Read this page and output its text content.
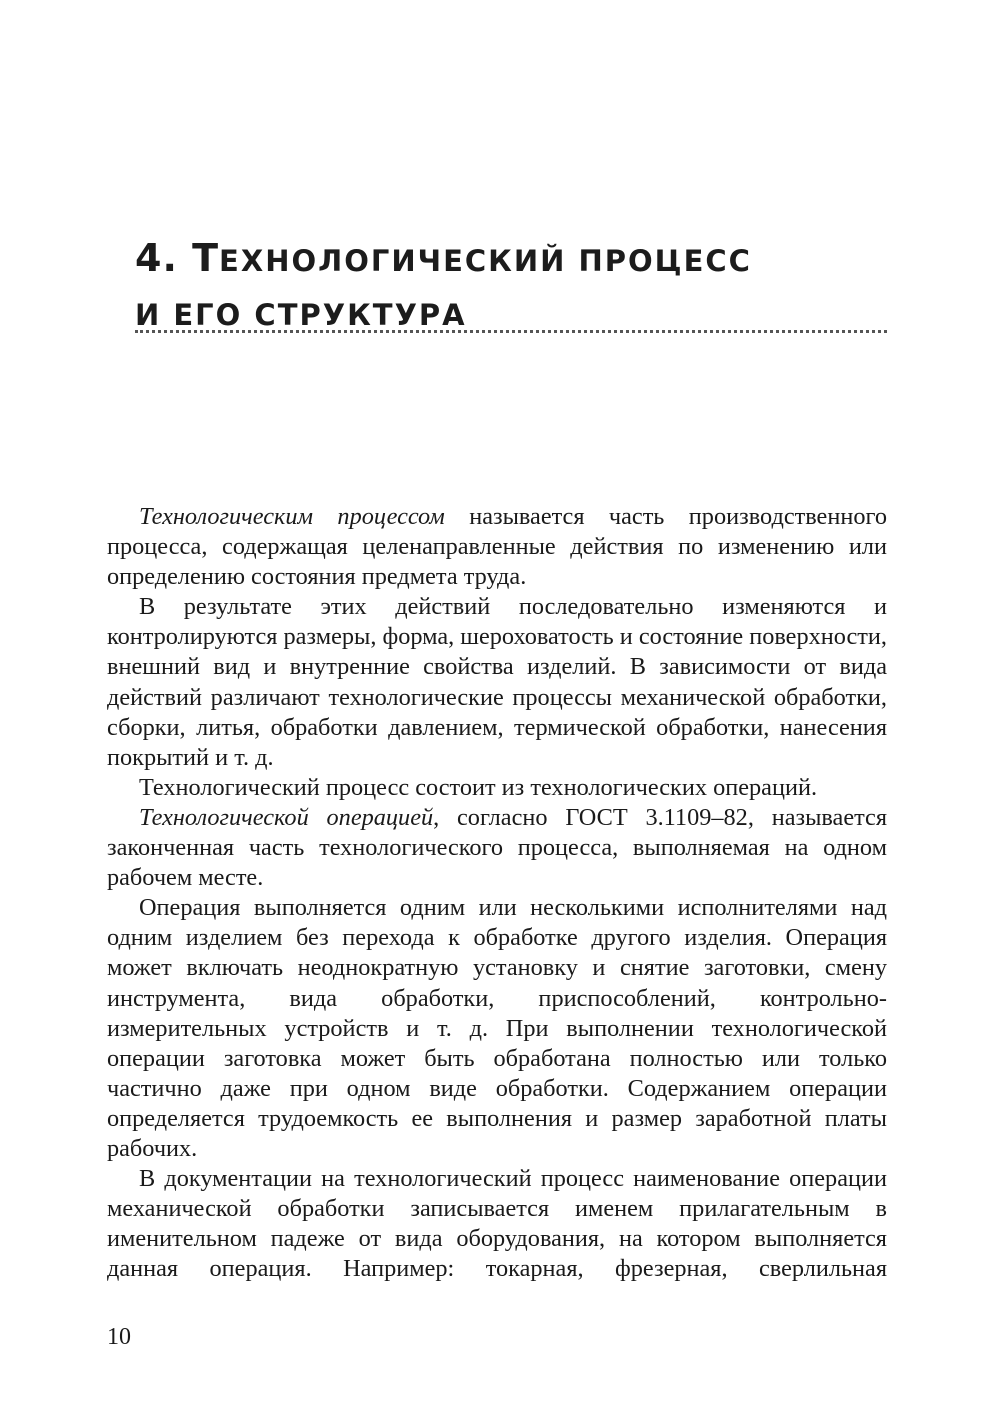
4. ТЕХНОЛОГИЧЕСКИЙ ПРОЦЕСС
И ЕГО СТРУКТУРА

Технологическим процессом называется часть производственного процесса, содержащая целенаправленные действия по изменению или определению состояния предмета труда.

В результате этих действий последовательно изменяются и контролируются размеры, форма, шероховатость и состояние поверхности, внешний вид и внутренние свойства изделий. В зависимости от вида действий различают технологические процессы механической обработки, сборки, литья, обработки давлением, термической обработки, нанесения покрытий и т. д.

Технологический процесс состоит из технологических операций.

Технологической операцией, согласно ГОСТ 3.1109–82, называется законченная часть технологического процесса, выполняемая на одном рабочем месте.

Операция выполняется одним или несколькими исполнителями над одним изделием без перехода к обработке другого изделия. Операция может включать неоднократную установку и снятие заготовки, смену инструмента, вида обработки, приспособлений, контрольно-измерительных устройств и т. д. При выполнении технологической операции заготовка может быть обработана полностью или только частично даже при одном виде обработки. Содержанием операции определяется трудоемкость ее выполнения и размер заработной платы рабочих.

В документации на технологический процесс наименование операции механической обработки записывается именем прилагательным в именительном падеже от вида оборудования, на котором выполняется данная операция. Например: токарная, фрезерная, сверлильная

10
